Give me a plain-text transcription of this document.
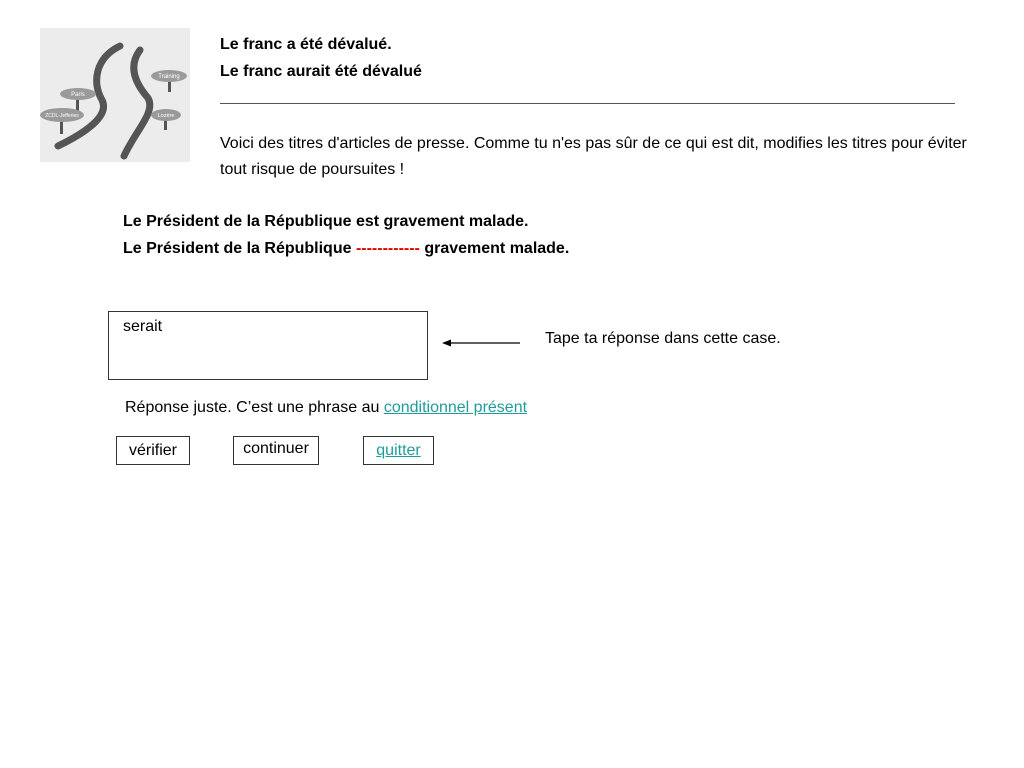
Training
Paris
ZCDL-Jefferies	Lozère
Le franc a été dévalué.
Le franc aurait été dévalué
Voici des titres d'articles de presse. Comme tu n'es pas sûr de ce qui est dit, modifies les titres pour éviter tout risque de poursuites !
Le Président de la République est gravement malade.
Le Président de la République ------------ gravement malade.
serait
Tape ta réponse dans cette case.
Réponse juste. C’est une phrase au conditionnel présent
vérifier	continuer	quitter
